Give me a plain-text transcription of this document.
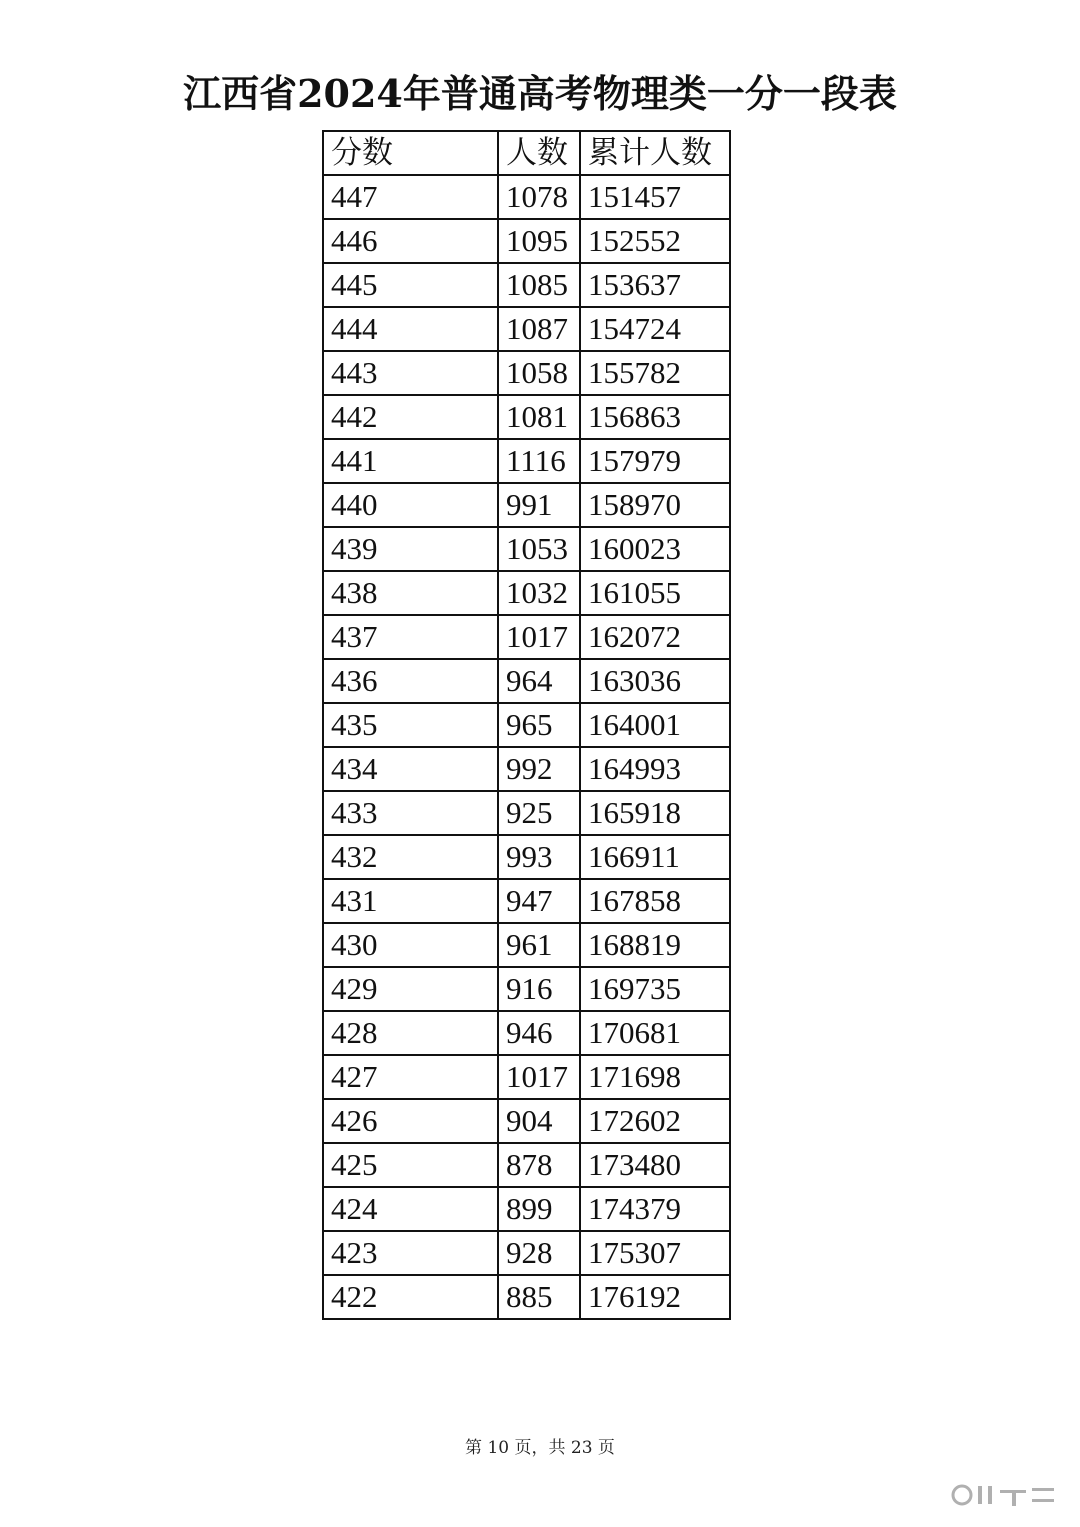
江西省2024年普通高考物理类一分一段表
分数	人数	累计人数
447	1078	151457
446	1095	152552
445	1085	153637
444	1087	154724
443	1058	155782
442	1081	156863
441	1116	157979
440	991	158970
439	1053	160023
438	1032	161055
437	1017	162072
436	964	163036
435	965	164001
434	992	164993
433	925	165918
432	993	166911
431	947	167858
430	961	168819
429	916	169735
428	946	170681
427	1017	171698
426	904	172602
425	878	173480
424	899	174379
423	928	175307
422	885	176192
第 10 页，共 23 页
